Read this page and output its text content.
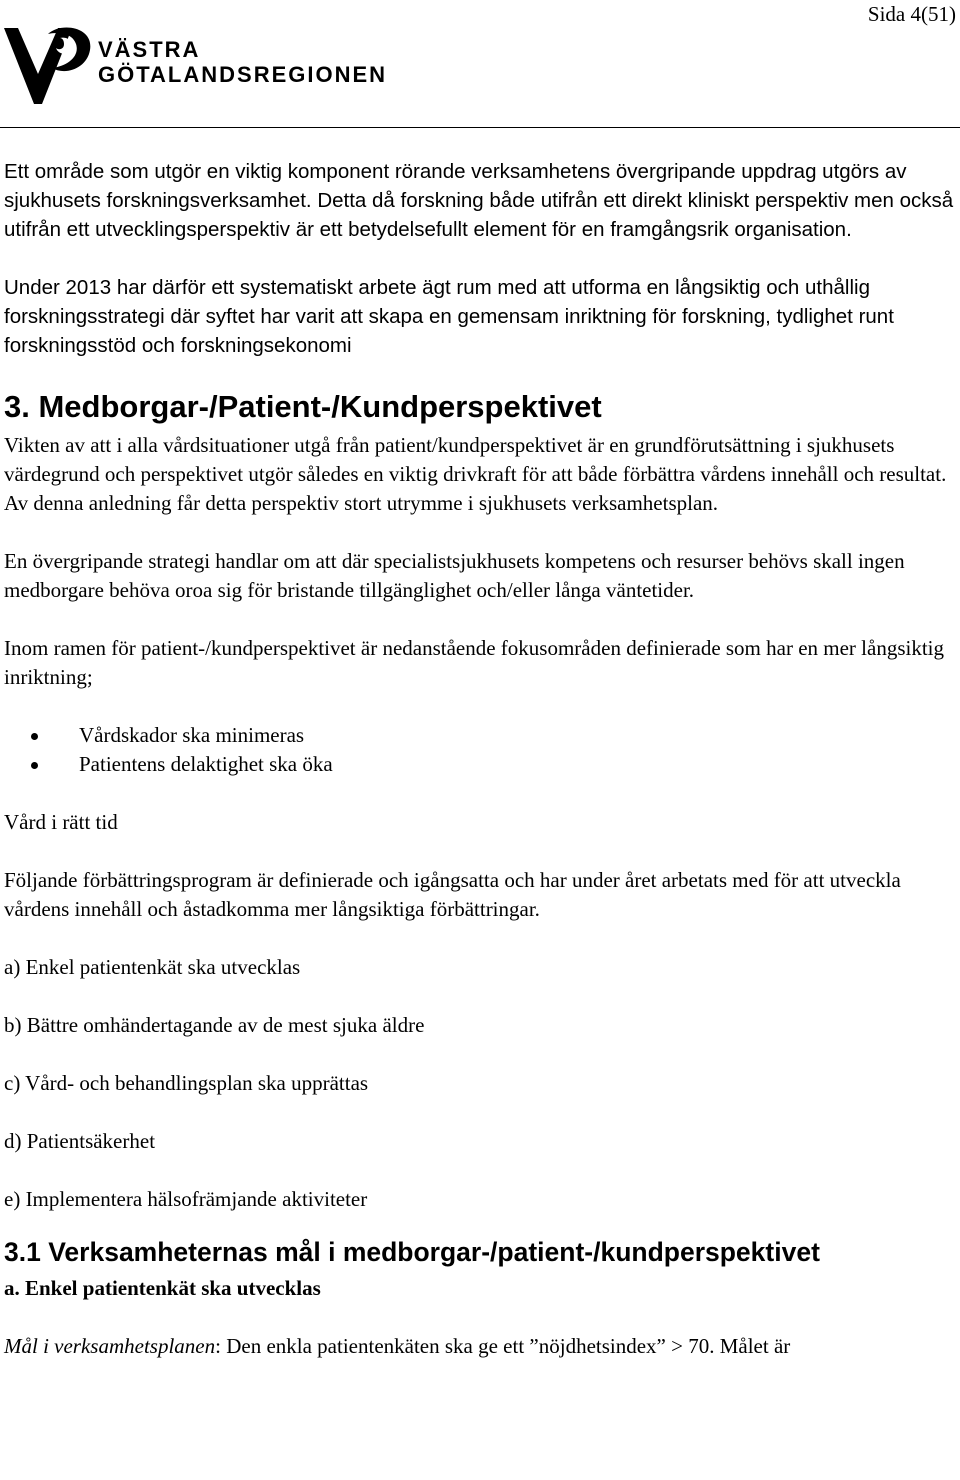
Sida 4(51)
VÄSTRA
GÖTALANDSREGIONEN

Ett område som utgör en viktig komponent rörande verksamhetens övergripande uppdrag utgörs av sjukhusets forskningsverksamhet. Detta då forskning både utifrån ett direkt kliniskt perspektiv men också utifrån ett utvecklingsperspektiv är ett betydelsefullt element för en framgångsrik organisation.

Under 2013 har därför ett systematiskt arbete ägt rum med att utforma en långsiktig och uthållig forskningsstrategi där syftet har varit att skapa en gemensam inriktning för forskning, tydlighet runt forskningsstöd och forskningsekonomi

3. Medborgar-/Patient-/Kundperspektivet

Vikten av att i alla vårdsituationer utgå från patient/kundperspektivet är en grundförutsättning i sjukhusets värdegrund och perspektivet utgör således en viktig drivkraft för att både förbättra vårdens innehåll och resultat. Av denna anledning får detta perspektiv stort utrymme i sjukhusets verksamhetsplan.

En övergripande strategi handlar om att där specialistsjukhusets kompetens och resurser behövs skall ingen medborgare behöva oroa sig för bristande tillgänglighet och/eller långa väntetider.

Inom ramen för patient-/kundperspektivet är nedanstående fokusområden definierade som har en mer långsiktig inriktning;

Vårdskador ska minimeras
Patientens delaktighet ska öka

Vård i rätt tid

Följande förbättringsprogram är definierade och igångsatta och har under året arbetats med för att utveckla vårdens innehåll och åstadkomma mer långsiktiga förbättringar.

a) Enkel patientenkät ska utvecklas

b) Bättre omhändertagande av de mest sjuka äldre

c) Vård- och behandlingsplan ska upprättas

d) Patientsäkerhet

e) Implementera hälsofrämjande aktiviteter

3.1 Verksamheternas mål i medborgar-/patient-/kundperspektivet

a. Enkel patientenkät ska utvecklas

Mål i verksamhetsplanen: Den enkla patientenkäten ska ge ett ”nöjdhetsindex” > 70. Målet är
